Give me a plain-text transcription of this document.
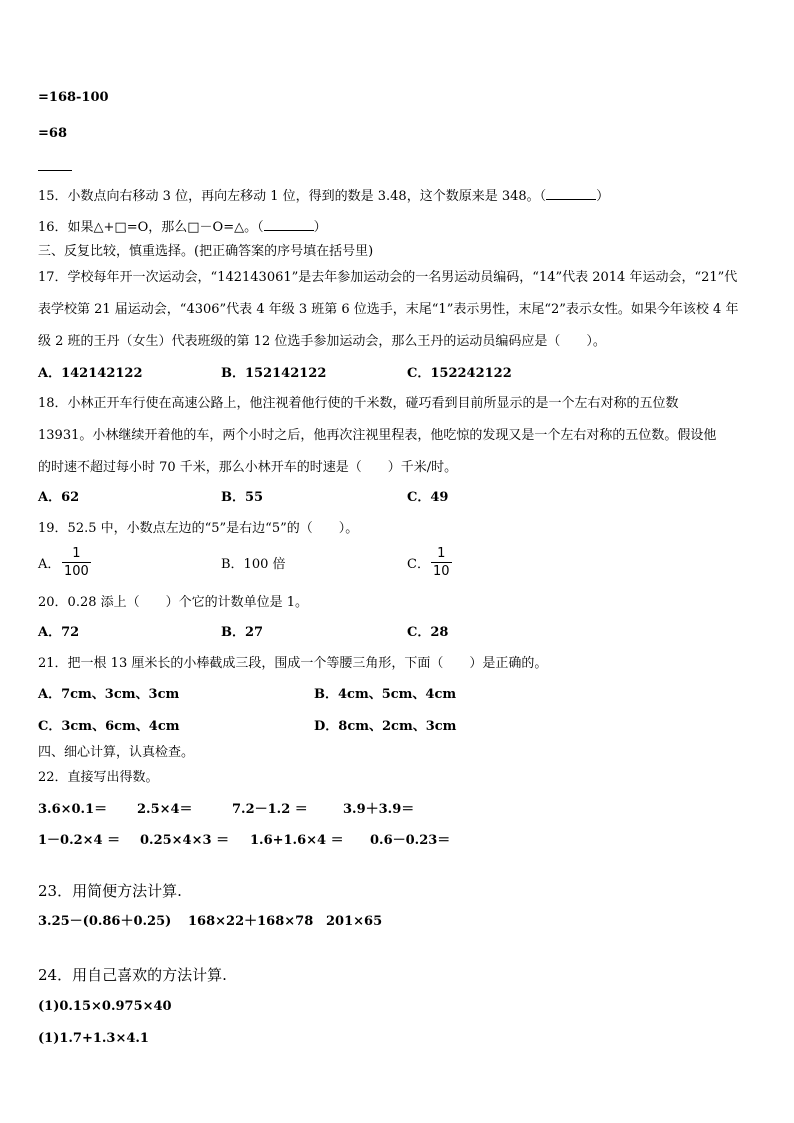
=168-100
=68
15．小数点向右移动 3 位，再向左移动 1 位，得到的数是 3.48，这个数原来是 348。（	）
16．如果△+□=O，那么□－O=△。（	）
三、反复比较，慎重选择。(把正确答案的序号填在括号里)
17．学校每年开一次运动会，“142143061”是去年参加运动会的一名男运动员编码，“14”代表 2014 年运动会，“21”代
表学校第 21 届运动会，“4306”代表 4 年级 3 班第 6 位选手，末尾“1”表示男性，末尾“2”表示女性。如果今年该校 4 年
级 2 班的王丹（女生）代表班级的第 12 位选手参加运动会，那么王丹的运动员编码应是（　　）。
A．142142122	B．152142122	C．152242122
18．小林正开车行使在高速公路上，他注视着他行使的千米数，碰巧看到目前所显示的是一个左右对称的五位数
13931。小林继续开着他的车，两个小时之后，他再次注视里程表，他吃惊的发现又是一个左右对称的五位数。假设他
的时速不超过每小时 70 千米，那么小林开车的时速是（　　）千米/时。
A．62	B．55	C．49
19．52.5 中，小数点左边的“5”是右边“5”的（　　）。
A．
1
100	B．100 倍	C．
1
10
20．0.28 添上（　　）个它的计数单位是 1。
A．72	B．27	C．28
21．把一根 13 厘米长的小棒截成三段，围成一个等腰三角形，下面（　　）是正确的。
A．7cm、3cm、3cm	B．4cm、5cm、4cm
C．3cm、6cm、4cm	D．8cm、2cm、3cm
四、细心计算，认真检查。
22．直接写出得数。
3.6×0.1＝ 2.5×4＝	7.2－1.2 ＝	3.9＋3.9＝
1－0.2×4 ＝ 0.25×4×3 ＝ 1.6+1.6×4 ＝ 0.6－0.23＝
23．用简便方法计算.
3.25－(0.86＋0.25) 168×22＋168×78 201×65
24．用自己喜欢的方法计算.
(1)0.15×0.975×40
(1)1.7+1.3×4.1
